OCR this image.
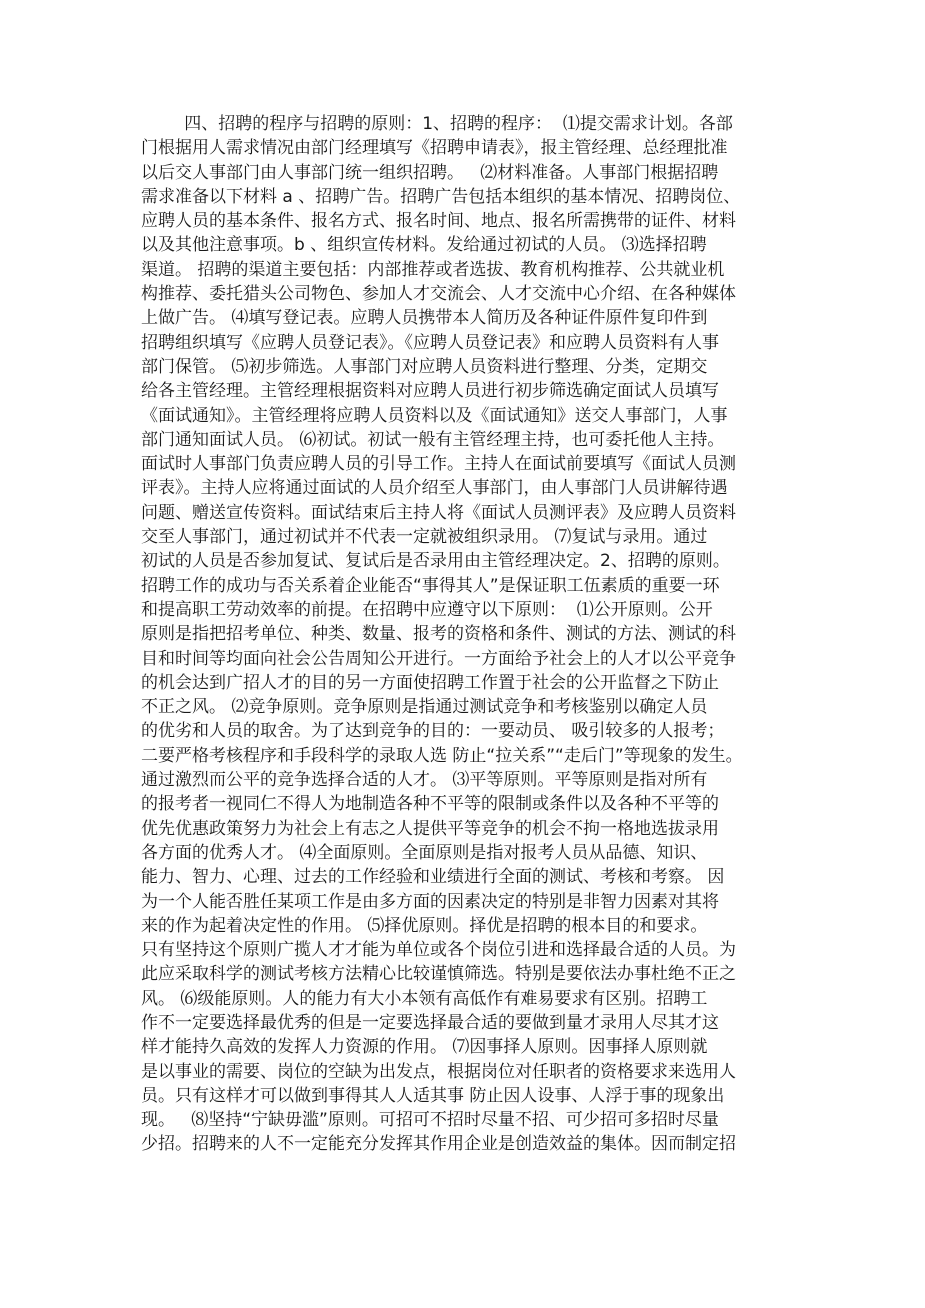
四、招聘的程序与招聘的原则：1、招聘的程序：  ⑴提交需求计划。各部
门根据用人需求情况由部门经理填写《招聘申请表》，报主管经理、总经理批准
以后交人事部门由人事部门统一组织招聘。   ⑵材料准备。人事部门根据招聘
需求准备以下材料 a 、招聘广告。招聘广告包括本组织的基本情况、招聘岗位、
应聘人员的基本条件、报名方式、报名时间、地点、报名所需携带的证件、材料
以及其他注意事项。b 、组织宣传材料。发给通过初试的人员。 ⑶选择招聘
渠道。 招聘的渠道主要包括：内部推荐或者选拔、教育机构推荐、公共就业机
构推荐、委托猎头公司物色、参加人才交流会、人才交流中心介绍、在各种媒体
上做广告。 ⑷填写登记表。应聘人员携带本人简历及各种证件原件复印件到
招聘组织填写《应聘人员登记表》。《应聘人员登记表》和应聘人员资料有人事
部门保管。 ⑸初步筛选。人事部门对应聘人员资料进行整理、分类，定期交
给各主管经理。主管经理根据资料对应聘人员进行初步筛选确定面试人员填写
《面试通知》。主管经理将应聘人员资料以及《面试通知》送交人事部门，人事
部门通知面试人员。 ⑹初试。初试一般有主管经理主持，也可委托他人主持。
面试时人事部门负责应聘人员的引导工作。主持人在面试前要填写《面试人员测
评表》。主持人应将通过面试的人员介绍至人事部门，由人事部门人员讲解待遇
问题、赠送宣传资料。面试结束后主持人将《面试人员测评表》及应聘人员资料
交至人事部门，通过初试并不代表一定就被组织录用。 ⑺复试与录用。通过
初试的人员是否参加复试、复试后是否录用由主管经理决定。2、招聘的原则。
招聘工作的成功与否关系着企业能否“事得其人”是保证职工伍素质的重要一环
和提高职工劳动效率的前提。在招聘中应遵守以下原则：  ⑴公开原则。公开
原则是指把招考单位、种类、数量、报考的资格和条件、测试的方法、测试的科
目和时间等均面向社会公告周知公开进行。一方面给予社会上的人才以公平竞争
的机会达到广招人才的目的另一方面使招聘工作置于社会的公开监督之下防止
不正之风。 ⑵竞争原则。竞争原则是指通过测试竞争和考核鉴别以确定人员
的优劣和人员的取舍。为了达到竞争的目的：一要动员、 吸引较多的人报考；
二要严格考核程序和手段科学的录取人选 防止“拉关系”“走后门”等现象的发生。
通过激烈而公平的竞争选择合适的人才。 ⑶平等原则。平等原则是指对所有
的报考者一视同仁不得人为地制造各种不平等的限制或条件以及各种不平等的
优先优惠政策努力为社会上有志之人提供平等竞争的机会不拘一格地选拔录用
各方面的优秀人才。 ⑷全面原则。全面原则是指对报考人员从品德、知识、
能力、智力、心理、过去的工作经验和业绩进行全面的测试、考核和考察。 因
为一个人能否胜任某项工作是由多方面的因素决定的特别是非智力因素对其将
来的作为起着决定性的作用。 ⑸择优原则。择优是招聘的根本目的和要求。
只有坚持这个原则广揽人才才能为单位或各个岗位引进和选择最合适的人员。为
此应采取科学的测试考核方法精心比较谨慎筛选。特别是要依法办事杜绝不正之
风。 ⑹级能原则。人的能力有大小本领有高低作有难易要求有区别。招聘工
作不一定要选择最优秀的但是一定要选择最合适的要做到量才录用人尽其才这
样才能持久高效的发挥人力资源的作用。 ⑺因事择人原则。因事择人原则就
是以事业的需要、岗位的空缺为出发点，根据岗位对任职者的资格要求来选用人
员。只有这样才可以做到事得其人人适其事 防止因人设事、人浮于事的现象出
现。   ⑻坚持“宁缺毋滥”原则。可招可不招时尽量不招、可少招可多招时尽量
少招。招聘来的人不一定能充分发挥其作用企业是创造效益的集体。因而制定招
